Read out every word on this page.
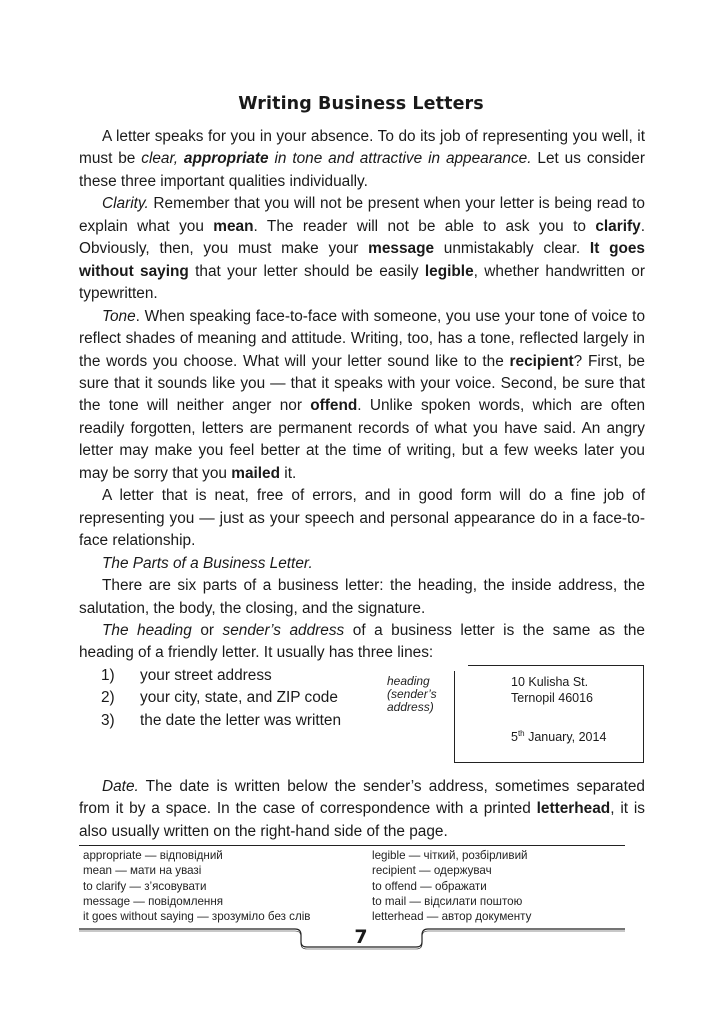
Writing Business Letters

A letter speaks for you in your absence. To do its job of representing you well, it must be clear, appropriate in tone and attractive in appearance. Let us consider these three important qualities individually.

Clarity. Remember that you will not be present when your letter is being read to explain what you mean. The reader will not be able to ask you to clarify. Obviously, then, you must make your message unmistakably clear. It goes without saying that your letter should be easily legible, whether handwritten or typewritten.

Tone. When speaking face-to-face with someone, you use your tone of voice to reflect shades of meaning and attitude. Writing, too, has a tone, reflected largely in the words you choose. What will your letter sound like to the recipient? First, be sure that it sounds like you — that it speaks with your voice. Second, be sure that the tone will neither anger nor offend. Unlike spoken words, which are often readily forgotten, letters are permanent records of what you have said. An angry letter may make you feel better at the time of writing, but a few weeks later you may be sorry that you mailed it.

A letter that is neat, free of errors, and in good form will do a fine job of representing you — just as your speech and personal appearance do in a face-to-face relationship.

The Parts of a Business Letter.

There are six parts of a business letter: the heading, the inside address, the salutation, the body, the closing, and the signature.

The heading or sender’s address of a business letter is the same as the heading of a friendly letter. It usually has three lines:

1) your street address
2) your city, state, and ZIP code
3) the date the letter was written
heading
(sender’s
address)
10 Kulisha St.
Ternopil 46016
5th January, 2014

Date. The date is written below the sender’s address, sometimes separated from it by a space. In the case of correspondence with a printed letterhead, it is also usually written on the right-hand side of the page.

appropriate — відповідний
mean — мати на увазі
to clarify — з’ясовувати
message — повідомлення
it goes without saying — зрозуміло без слів
legible — чіткий, розбірливий
recipient — одержувач
to offend — ображати
to mail — відсилати поштою
letterhead — автор документу
7
